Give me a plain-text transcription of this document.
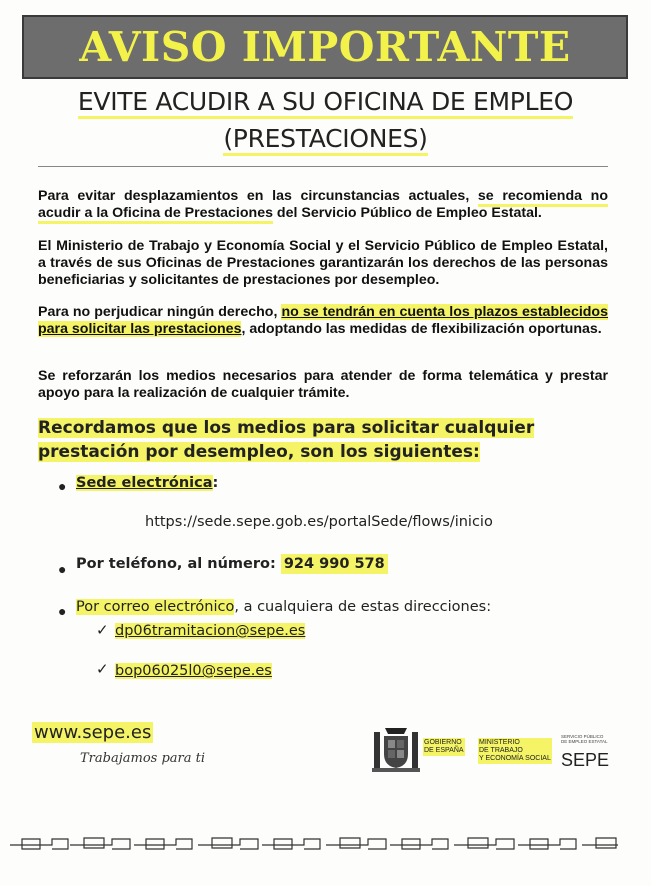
AVISO IMPORTANTE
EVITE ACUDIR A SU OFICINA DE EMPLEO
(PRESTACIONES)

Para evitar desplazamientos en las circunstancias actuales, se recomienda no acudir a la Oficina de Prestaciones del Servicio Público de Empleo Estatal.

El Ministerio de Trabajo y Economía Social y el Servicio Público de Empleo Estatal, a través de sus Oficinas de Prestaciones garantizarán los derechos de las personas beneficiarias y solicitantes de prestaciones por desempleo.

Para no perjudicar ningún derecho, no se tendrán en cuenta los plazos establecidos para solicitar las prestaciones, adoptando las medidas de flexibilización oportunas.

Se reforzarán los medios necesarios para atender de forma telemática y prestar apoyo para la realización de cualquier trámite.

Recordamos que los medios para solicitar cualquier prestación por desempleo, son los siguientes:

● Sede electrónica:
https://sede.sepe.gob.es/portalSede/flows/inicio
● Por teléfono, al número: 924 990 578
● Por correo electrónico, a cualquiera de estas direcciones:
✓ dp06tramitacion@sepe.es
✓ bop06025l0@sepe.es
www.sepe.es
Trabajamos para ti
GOBIERNO
DE ESPAÑA
MINISTERIO
DE TRABAJO
Y ECONOMÍA SOCIAL
SERVICIO PÚBLICO
DE EMPLEO ESTATAL
SEPE
